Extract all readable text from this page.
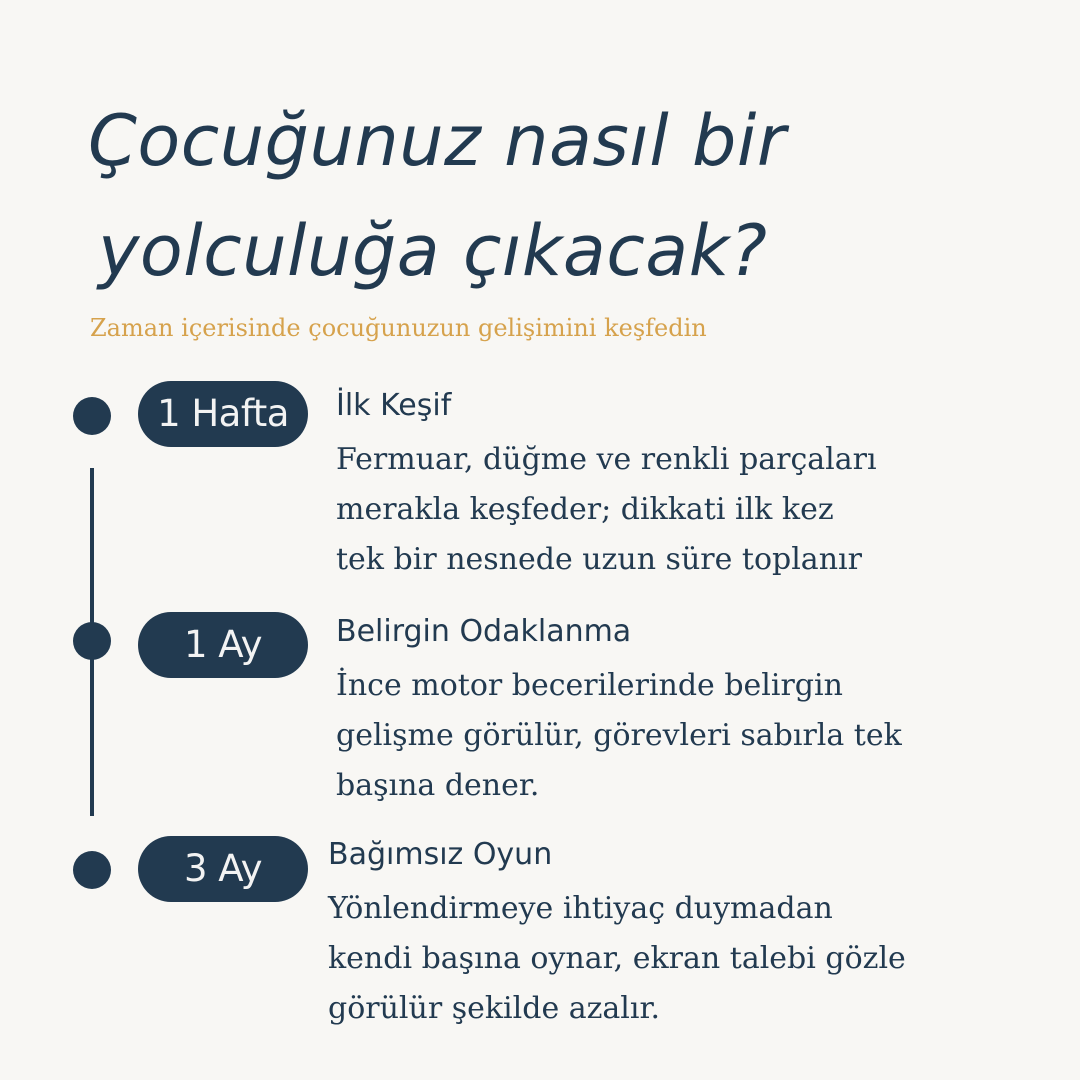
Çocuğunuz nasıl bir
yolculuğa çıkacak?

Zaman içerisinde çocuğunuzun gelişimini keşfedin

1 Hafta	İlk Keşif
Fermuar, düğme ve renkli parçaları
merakla keşfeder; dikkati ilk kez
tek bir nesnede uzun süre toplanır
1 Ay	Belirgin Odaklanma
İnce motor becerilerinde belirgin
gelişme görülür, görevleri sabırla tek
başına dener.
3 Ay	Bağımsız Oyun
Yönlendirmeye ihtiyaç duymadan
kendi başına oynar, ekran talebi gözle
görülür şekilde azalır.
